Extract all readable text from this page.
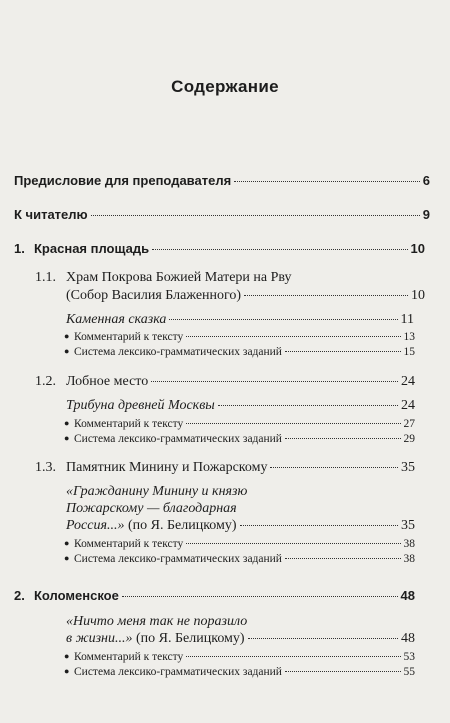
Содержание
Предисловие для преподавателя	6
К читателю	9
1. Красная площадь	10
1.1. Храм Покрова Божией Матери на Рву
(Собор Василия Блаженного)	10
Каменная сказка	11
● Комментарий к тексту	13
● Система лексико-грамматических заданий	15
1.2. Лобное место	24
Трибуна древней Москвы	24
● Комментарий к тексту	27
● Система лексико-грамматических заданий	29
1.3. Памятник Минину и Пожарскому	35
«Гражданину Минину и князю
Пожарскому — благодарная
Россия...» (по Я. Белицкому)	35
● Комментарий к тексту	38
● Система лексико-грамматических заданий	38
2. Коломенское	48
«Ничто меня так не поразило
в жизни...» (по Я. Белицкому)	48
● Комментарий к тексту	53
● Система лексико-грамматических заданий	55
